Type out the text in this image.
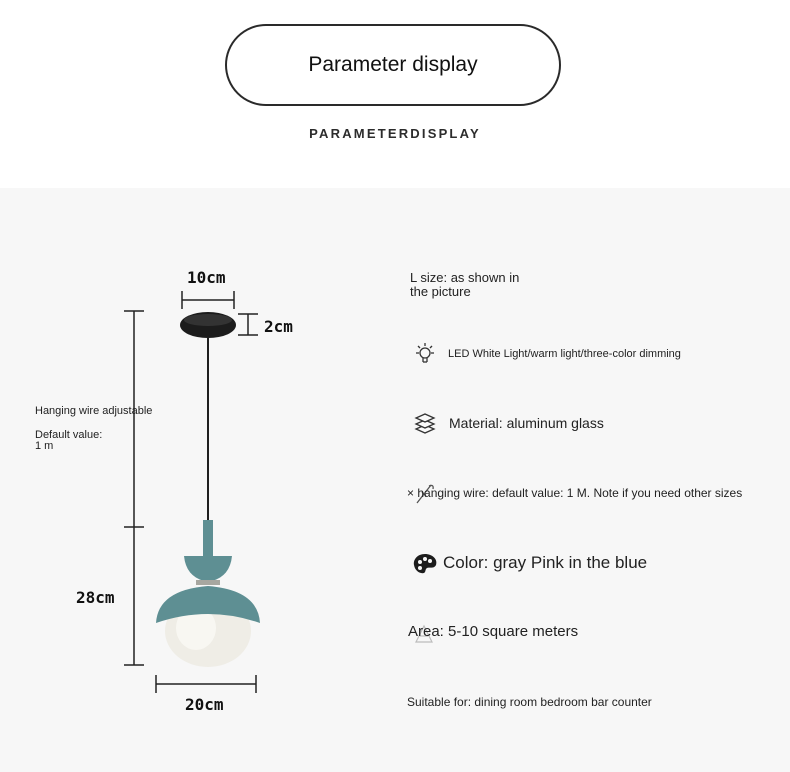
Parameter display
PARAMETERDISPLAY
10cm
2cm
28cm
20cm
Hanging wire adjustable
Default value:
1 m
L size: as shown in
the picture
LED White Light/warm light/three-color dimming
Material: aluminum glass
× hanging wire: default value: 1 M. Note if you need other sizes
Color: gray Pink in the blue
Area: 5-10 square meters
Suitable for: dining room bedroom bar counter
